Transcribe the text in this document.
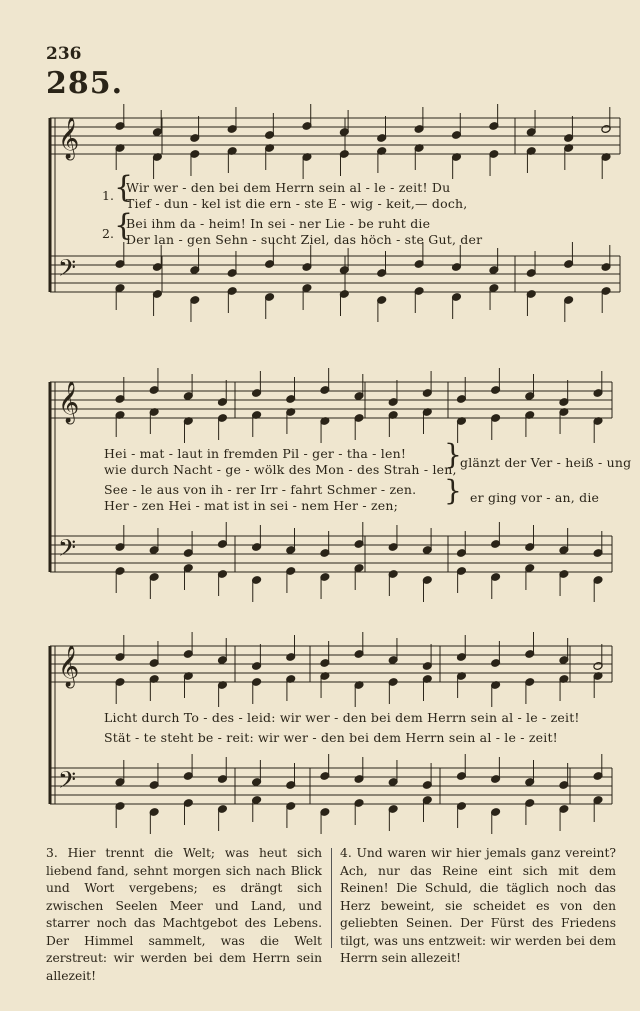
236
285.
𝄞
𝄢
𝄞
𝄢
𝄞
𝄢
1. {
Wir wer - den bei dem Herrn sein al - le - zeit! Du
Tief - dun - kel ist die ern - ste E - wig - keit,— doch,
2. {
Bei ihm da - heim! In sei - ner Lie - be ruht die
Der lan - gen Sehn - sucht Ziel, das höch - ste Gut, der
Hei - mat - laut in fremden Pil - ger - tha - len!
wie durch Nacht - ge - wölk des Mon - des Strah - len,
}
glänzt der Ver - heiß - ung
See - le aus von ih - rer Irr - fahrt Schmer - zen.
Her - zen Hei - mat ist in sei - nem Her - zen; } er ging vor - an, die
Licht durch To - des - leid: wir wer - den bei dem Herrn sein al - le - zeit!
Stät - te steht be - reit: wir wer - den bei dem Herrn sein al - le - zeit!

3. Hier trennt die Welt; was heut sich liebend fand, sehnt morgen sich nach Blick und Wort vergebens; es drängt sich zwischen Seelen Meer und Land, und starrer noch das Machtgebot des Lebens. Der Himmel sammelt, was die Welt zerstreut: wir werden bei dem Herrn sein allezeit!

4. Und waren wir hier jemals ganz vereint? Ach, nur das Reine eint sich mit dem Reinen! Die Schuld, die täglich noch das Herz beweint, sie scheidet es von den geliebten Seinen. Der Fürst des Friedens tilgt, was uns entzweit: wir werden bei dem Herrn sein allezeit!
